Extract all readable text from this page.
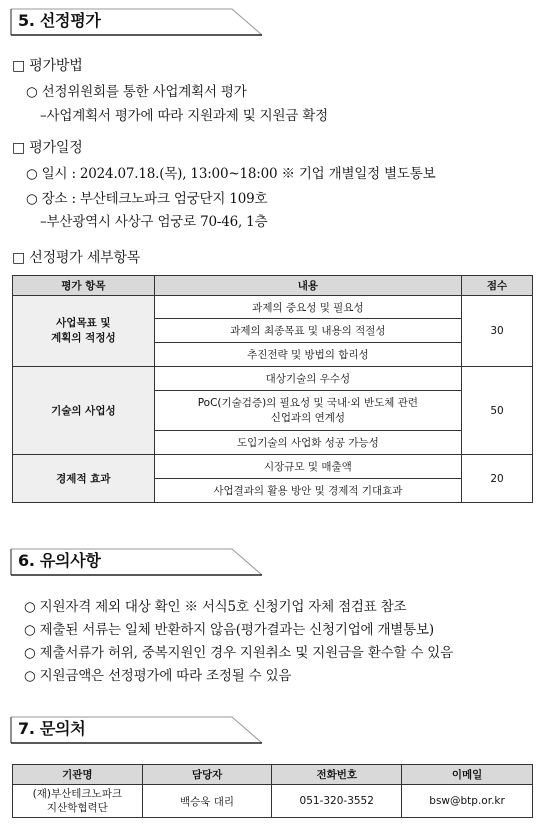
5. 선정평가
□ 평가방법
○ 선정위원회를 통한 사업계획서 평가
–사업계획서 평가에 따라 지원과제 및 지원금 확정
□ 평가일정
○ 일시 : 2024.07.18.(목), 13:00~18:00 ※ 기업 개별일정 별도통보
○ 장소 : 부산테크노파크 엄궁단지 109호
–부산광역시 사상구 엄궁로 70-46, 1층
□ 선정평가 세부항목
평가 항목	내용	점수
사업목표 및
계획의 적정성	과제의 중요성 및 필요성	30
	과제의 최종목표 및 내용의 적절성	
	추진전략 및 방법의 합리성	
기술의 사업성	대상기술의 우수성	50
	PoC(기술검증)의 필요성 및 국내·외 반도체 관련
신업과의 연계성	
	도입기술의 사업화 성공 가능성	
경제적 효과	시장규모 및 매출액	20
	사업결과의 활용 방안 및 경제적 기대효과	
6. 유의사항
○ 지원자격 제외 대상 확인 ※ 서식5호 신청기업 자체 점검표 참조
○ 제출된 서류는 일체 반환하지 않음(평가결과는 신청기업에 개별통보)
○ 제출서류가 허위, 중복지원인 경우 지원취소 및 지원금을 환수할 수 있음
○ 지원금액은 선정평가에 따라 조정될 수 있음
7. 문의처
기관명	담당자	전화번호	이메일
(재)부산테크노파크
지산학협력단	백승욱 대리	051-320-3552	bsw@btp.or.kr
